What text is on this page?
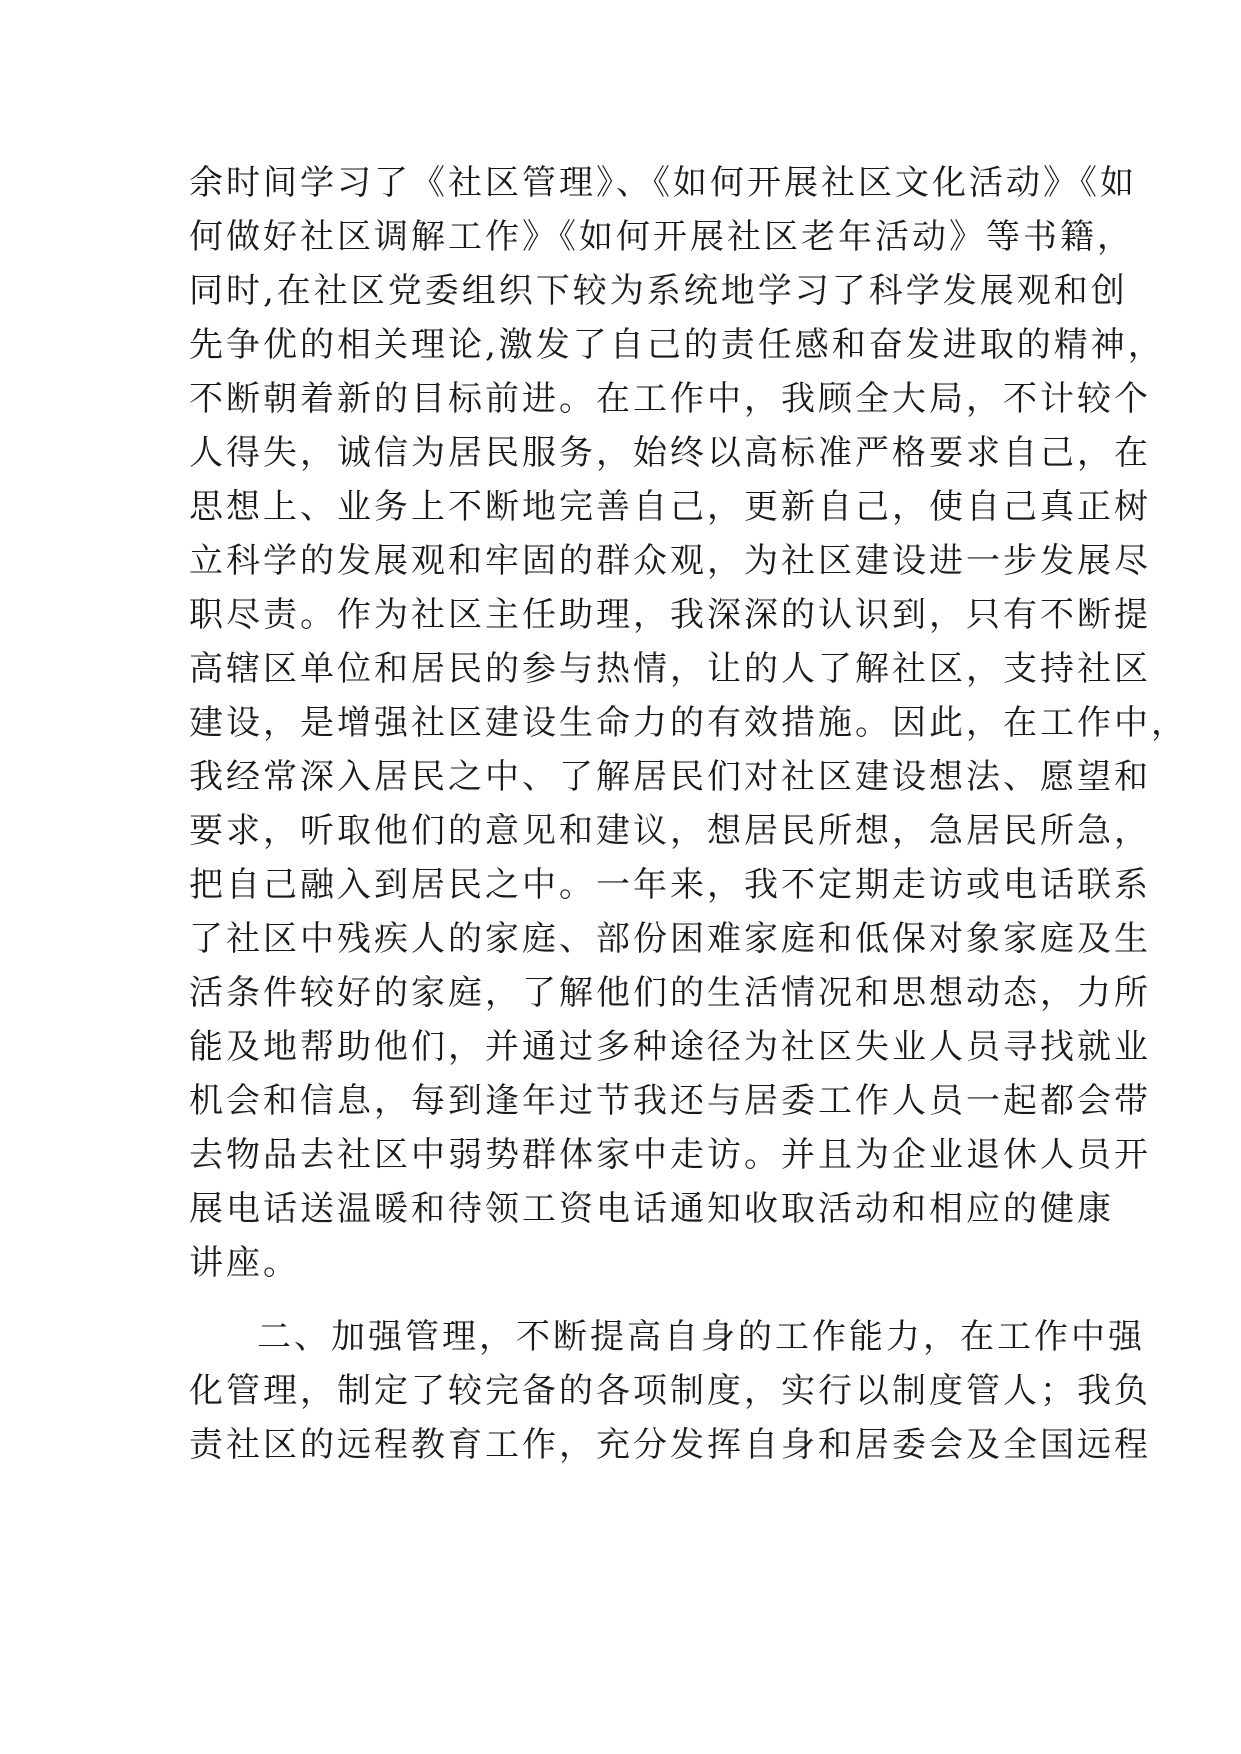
余时间学习了《社区管理》、《如何开展社区文化活动》《如
何做好社区调解工作》《如何开展社区老年活动》等书籍，
同时,在社区党委组织下较为系统地学习了科学发展观和创
先争优的相关理论,激发了自己的责任感和奋发进取的精神，
不断朝着新的目标前进。在工作中，我顾全大局，不计较个
人得失，诚信为居民服务，始终以高标准严格要求自己，在
思想上、业务上不断地完善自己，更新自己，使自己真正树
立科学的发展观和牢固的群众观，为社区建设进一步发展尽
职尽责。作为社区主任助理，我深深的认识到，只有不断提
高辖区单位和居民的参与热情，让的人了解社区，支持社区
建设，是增强社区建设生命力的有效措施。因此，在工作中，
我经常深入居民之中、了解居民们对社区建设想法、愿望和
要求，听取他们的意见和建议，想居民所想，急居民所急，
把自己融入到居民之中。一年来，我不定期走访或电话联系
了社区中残疾人的家庭、部份困难家庭和低保对象家庭及生
活条件较好的家庭，了解他们的生活情况和思想动态，力所
能及地帮助他们，并通过多种途径为社区失业人员寻找就业
机会和信息，每到逢年过节我还与居委工作人员一起都会带
去物品去社区中弱势群体家中走访。并且为企业退休人员开
展电话送温暖和待领工资电话通知收取活动和相应的健康
讲座。
二、加强管理，不断提高自身的工作能力，在工作中强
化管理，制定了较完备的各项制度，实行以制度管人；我负
责社区的远程教育工作，充分发挥自身和居委会及全国远程
